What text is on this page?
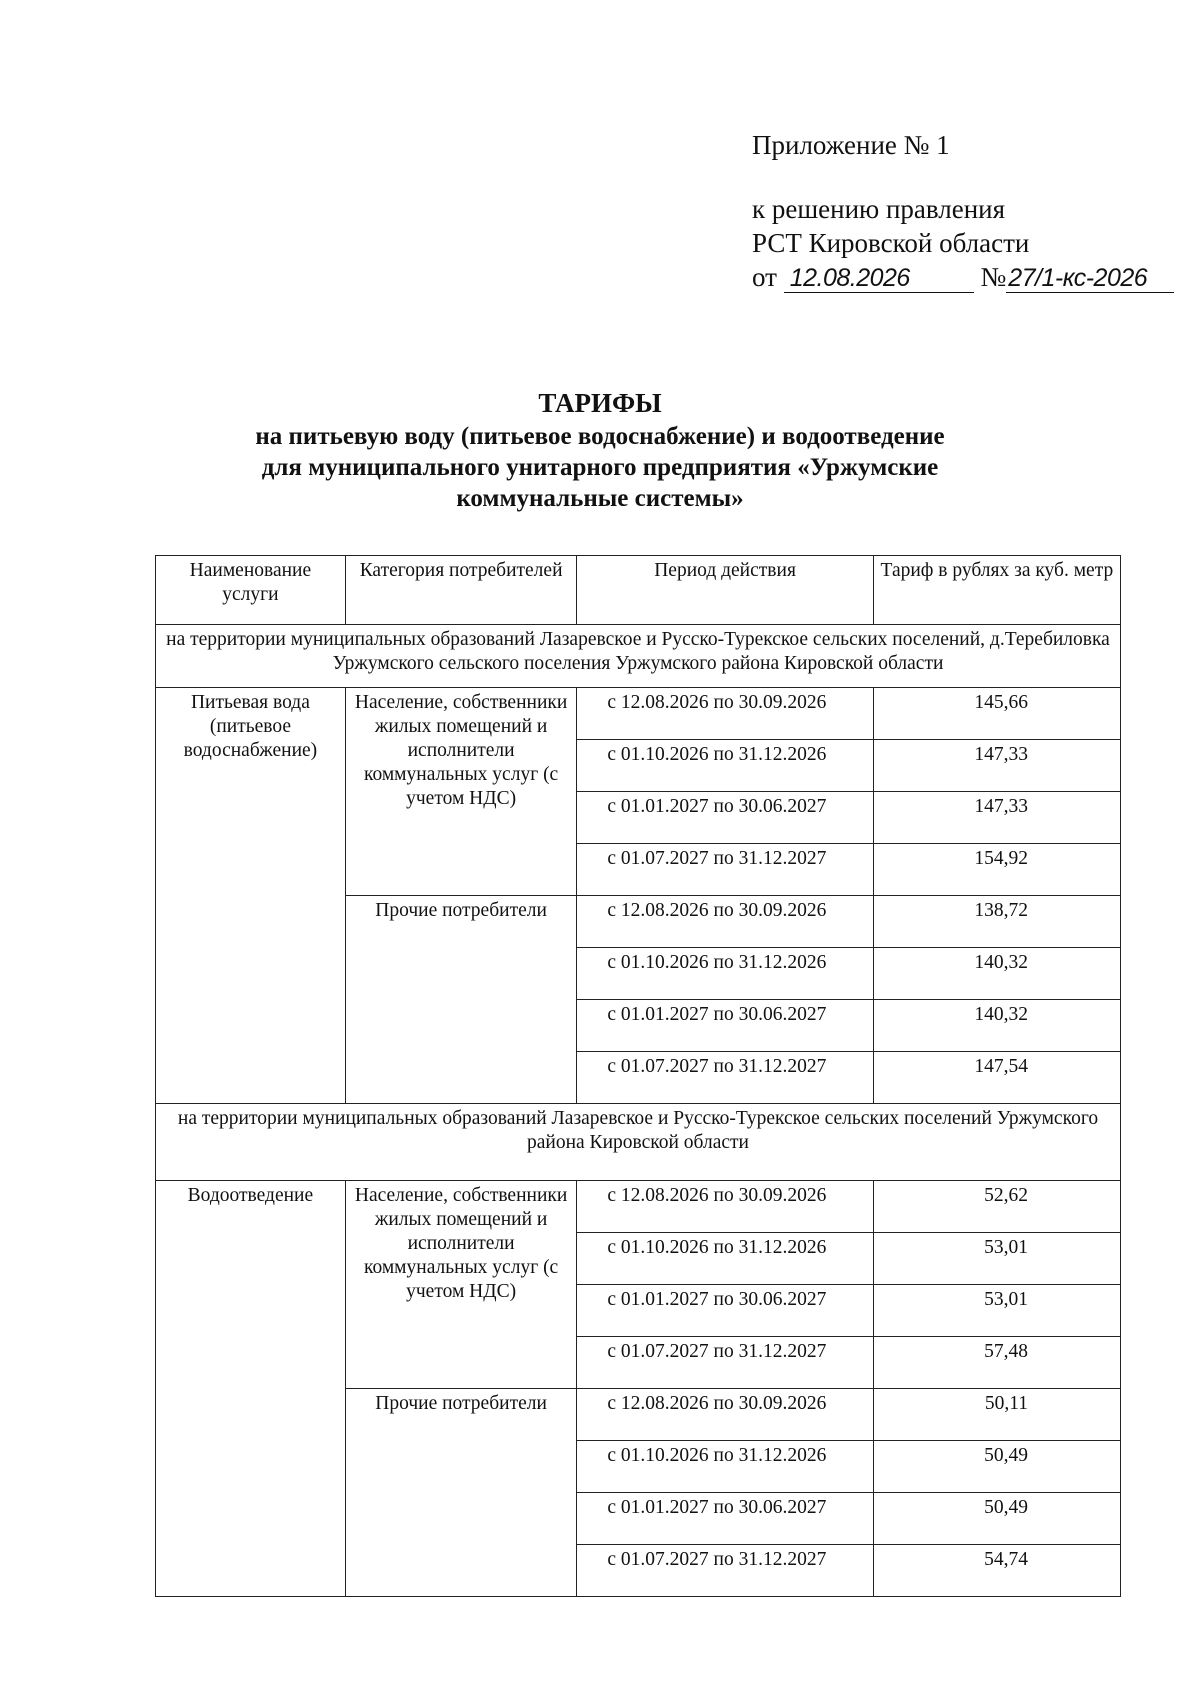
Приложение № 1
к решению правления
РСТ Кировской области
от 12.08.2026	№27/1-кс-2026
ТАРИФЫ
на питьевую воду (питьевое водоснабжение) и водоотведение
для муниципального унитарного предприятия «Уржумские
коммунальные системы»
Наименование услуги	Категория потребителей	Период действия	Тариф в рублях за куб. метр
на территории муниципальных образований Лазаревское и Русско-Турекское сельских поселений, д.Теребиловка Уржумского сельского поселения Уржумского района Кировской области			
Питьевая вода (питьевое водоснабжение)	Население, собственники жилых помещений и исполнители коммунальных услуг (с учетом НДС)	с 12.08.2026 по 30.09.2026	145,66
		с 01.10.2026 по 31.12.2026	147,33
		с 01.01.2027 по 30.06.2027	147,33
		с 01.07.2027 по 31.12.2027	154,92
	Прочие потребители	с 12.08.2026 по 30.09.2026	138,72
		с 01.10.2026 по 31.12.2026	140,32
		с 01.01.2027 по 30.06.2027	140,32
		с 01.07.2027 по 31.12.2027	147,54
на территории муниципальных образований Лазаревское и Русско-Турекское сельских поселений Уржумского района Кировской области			
Водоотведение	Население, собственники жилых помещений и исполнители коммунальных услуг (с учетом НДС)	с 12.08.2026 по 30.09.2026	52,62
		с 01.10.2026 по 31.12.2026	53,01
		с 01.01.2027 по 30.06.2027	53,01
		с 01.07.2027 по 31.12.2027	57,48
	Прочие потребители	с 12.08.2026 по 30.09.2026	50,11
		с 01.10.2026 по 31.12.2026	50,49
		с 01.01.2027 по 30.06.2027	50,49
		с 01.07.2027 по 31.12.2027	54,74
